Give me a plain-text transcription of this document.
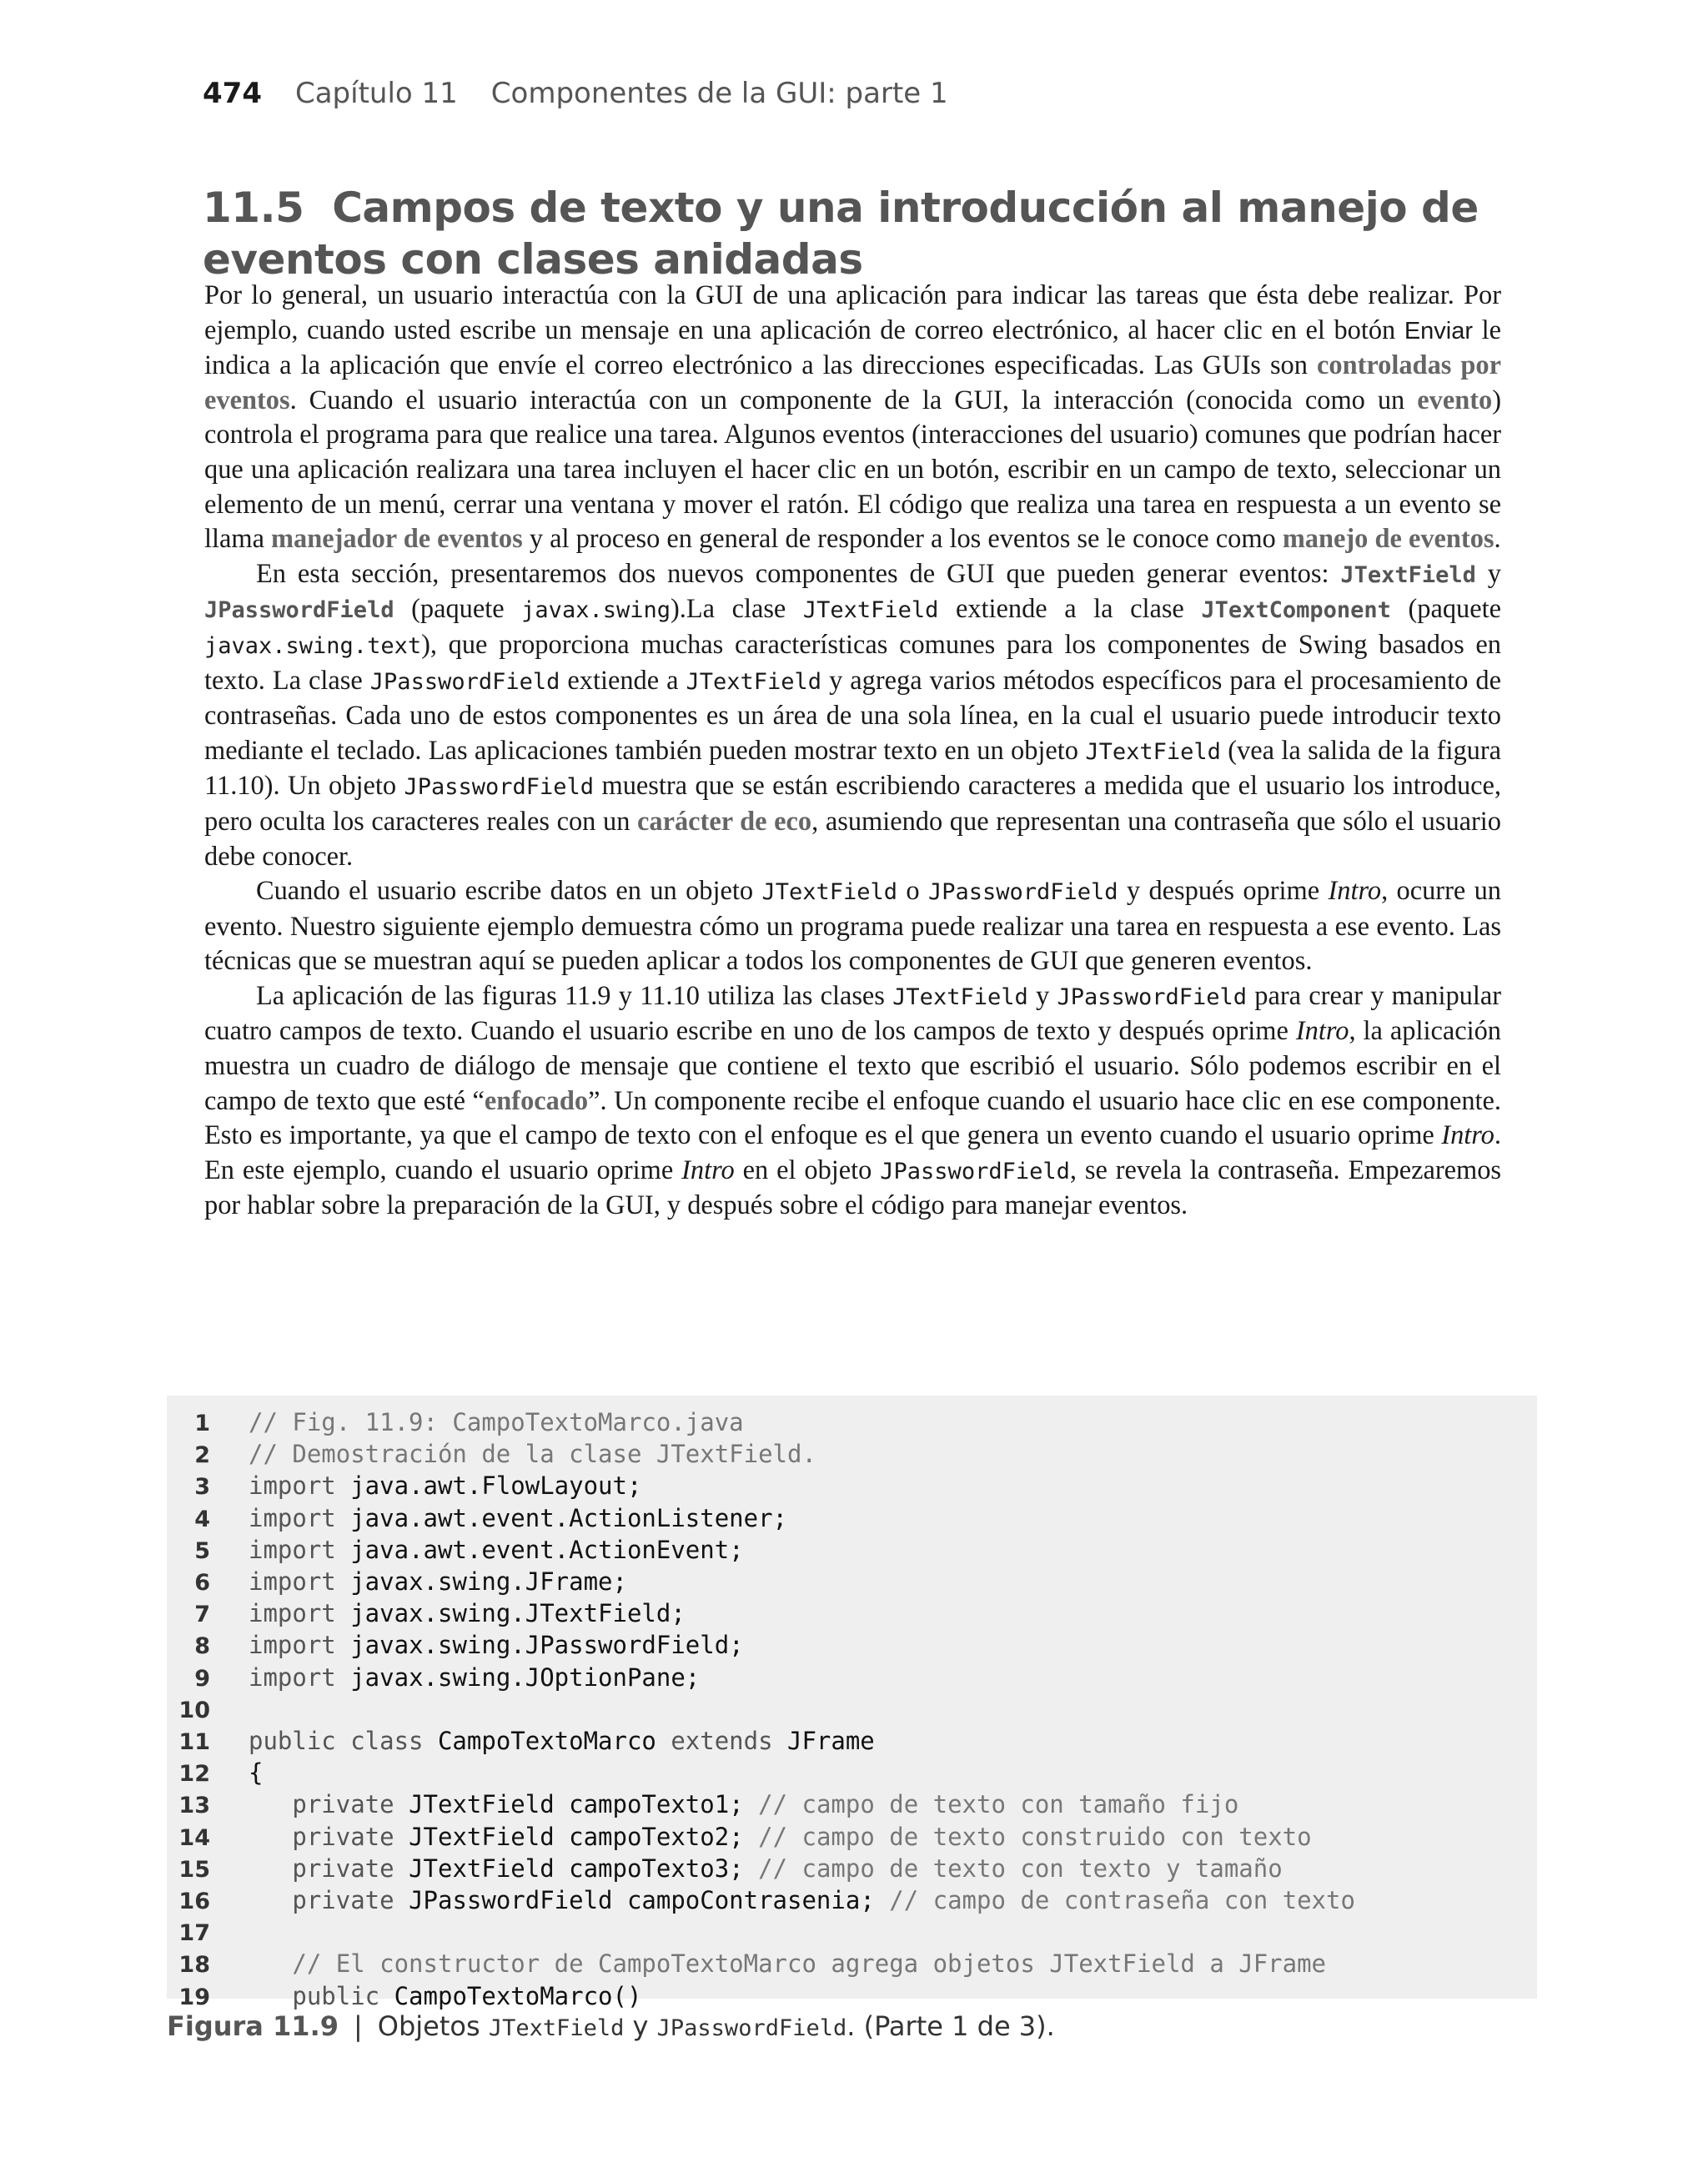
474 Capítulo 11 Componentes de la GUI: parte 1
11.5 Campos de texto y una introducción al manejo de eventos con clases anidadas

Por lo general, un usuario interactúa con la GUI de una aplicación para indicar las tareas que ésta debe realizar. Por ejemplo, cuando usted escribe un mensaje en una aplicación de correo electrónico, al hacer clic en el botón Enviar le indica a la aplicación que envíe el correo electrónico a las direcciones especificadas. Las GUIs son controladas por eventos. Cuando el usuario interactúa con un componente de la GUI, la interacción (conocida como un evento) controla el programa para que realice una tarea. Algunos eventos (interacciones del usuario) comunes que podrían hacer que una aplicación realizara una tarea incluyen el hacer clic en un botón, escribir en un campo de texto, seleccionar un elemento de un menú, cerrar una ventana y mover el ratón. El código que realiza una tarea en respuesta a un evento se llama manejador de eventos y al proceso en general de responder a los eventos se le conoce como manejo de eventos.

En esta sección, presentaremos dos nuevos componentes de GUI que pueden generar eventos: JTextField y JPasswordField (paquete javax.swing).La clase JTextField extiende a la clase JTextComponent (paquete javax.swing.text), que proporciona muchas características comunes para los componentes de Swing basados en texto. La clase JPasswordField extiende a JTextField y agrega varios métodos específicos para el procesamiento de contraseñas. Cada uno de estos componentes es un área de una sola línea, en la cual el usuario puede introducir texto mediante el teclado. Las aplicaciones también pueden mostrar texto en un objeto JTextField (vea la salida de la figura 11.10). Un objeto JPasswordField muestra que se están escribiendo caracteres a medida que el usuario los introduce, pero oculta los caracteres reales con un carácter de eco, asumiendo que representan una contraseña que sólo el usuario debe conocer.

Cuando el usuario escribe datos en un objeto JTextField o JPasswordField y después oprime Intro, ocurre un evento. Nuestro siguiente ejemplo demuestra cómo un programa puede realizar una tarea en respuesta a ese evento. Las técnicas que se muestran aquí se pueden aplicar a todos los componentes de GUI que generen eventos.

La aplicación de las figuras 11.9 y 11.10 utiliza las clases JTextField y JPasswordField para crear y manipular cuatro campos de texto. Cuando el usuario escribe en uno de los campos de texto y después oprime Intro, la aplicación muestra un cuadro de diálogo de mensaje que contiene el texto que escribió el usuario. Sólo podemos escribir en el campo de texto que esté “enfocado”. Un componente recibe el enfoque cuando el usuario hace clic en ese componente. Esto es importante, ya que el campo de texto con el enfoque es el que genera un evento cuando el usuario oprime Intro. En este ejemplo, cuando el usuario oprime Intro en el objeto JPasswordField, se revela la contraseña. Empezaremos por hablar sobre la preparación de la GUI, y después sobre el código para manejar eventos.

1 // Fig. 11.9: CampoTextoMarco.java
2 // Demostración de la clase JTextField.
3 import java.awt.FlowLayout;
4 import java.awt.event.ActionListener;
5 import java.awt.event.ActionEvent;
6 import javax.swing.JFrame;
7 import javax.swing.JTextField;
8 import javax.swing.JPasswordField;
9 import javax.swing.JOptionPane;
10
11 public class CampoTextoMarco extends JFrame
12 {
13   private JTextField campoTexto1; // campo de texto con tamaño fijo
14   private JTextField campoTexto2; // campo de texto construido con texto
15   private JTextField campoTexto3; // campo de texto con texto y tamaño
16   private JPasswordField campoContrasenia; // campo de contraseña con texto
17
18   // El constructor de CampoTextoMarco agrega objetos JTextField a JFrame
19   public CampoTextoMarco()
Figura 11.9 | Objetos JTextField y JPasswordField. (Parte 1 de 3).
